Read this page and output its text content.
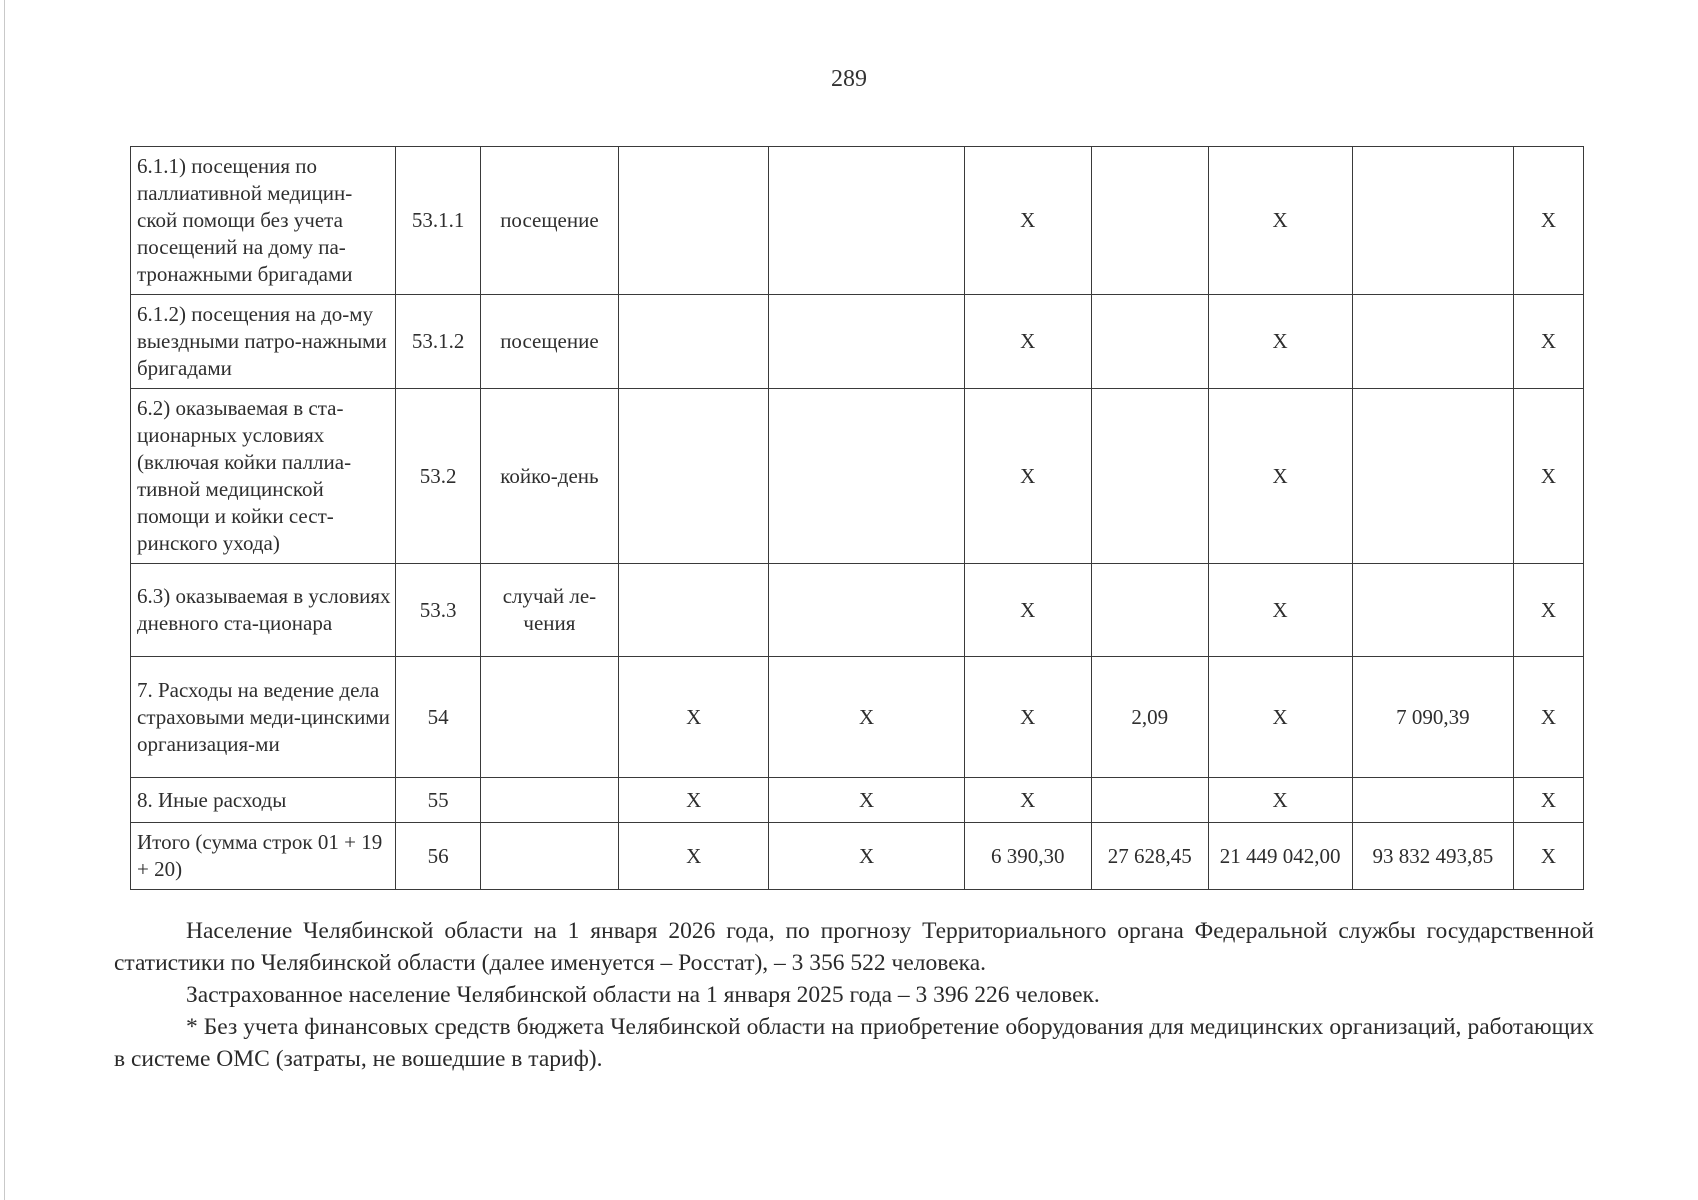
289
6.1.1) посещения по паллиативной медицин-ской помощи без учета посещений на дому па-тронажными бригадами	53.1.1	посещение			X		X		X
6.1.2) посещения на до-му выездными патро-нажными бригадами	53.1.2	посещение			X		X		X
6.2) оказываемая в ста-ционарных условиях (включая койки паллиа-тивной медицинской помощи и койки сест-ринского ухода)	53.2	койко-день			X		X		X
6.3) оказываемая в условиях дневного ста-ционара	53.3	случай ле-чения			X		X		X
7. Расходы на ведение дела страховыми меди-цинскими организация-ми	54		X	X	X	2,09	X	7 090,39	X
8. Иные расходы	55		X	X	X		X		X
Итого (сумма строк 01 + 19 + 20)	56		X	X	6 390,30	27 628,45	21 449 042,00	93 832 493,85	X

Население Челябинской области на 1 января 2026 года, по прогнозу Территориального органа Федеральной службы государственной статистики по Челябинской области (далее именуется – Росстат), – 3 356 522 человека.

Застрахованное население Челябинской области на 1 января 2025 года – 3 396 226 человек.

* Без учета финансовых средств бюджета Челябинской области на приобретение оборудования для медицинских организаций, работающих в системе ОМС (затраты, не вошедшие в тариф).
